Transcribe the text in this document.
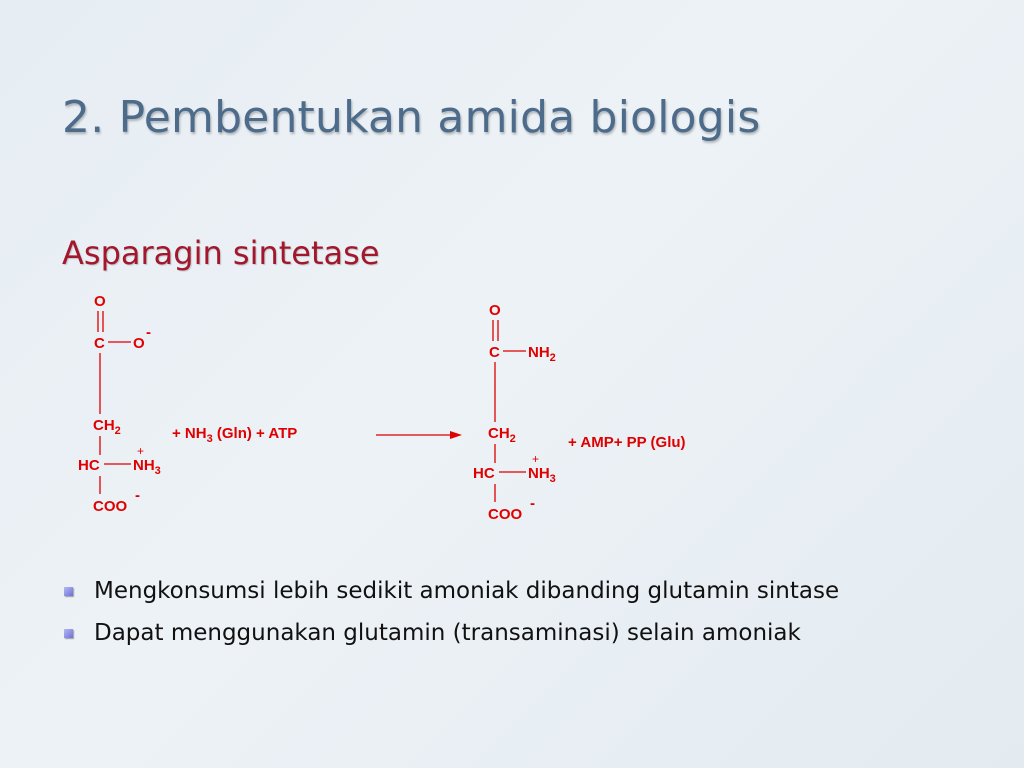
2. Pembentukan amida biologis
Asparagin sintetase
O
C O
-
$CH_2$
HC
+
$NH_3$
COO
-
+ $NH_3$ (Gln) + ATP
O
C $NH_2$
$CH_2$
HC
+
$NH_3$
COO
-
+ AMP+ PP (Glu)
Mengkonsumsi lebih sedikit amoniak dibanding glutamin sintase
Dapat menggunakan glutamin (transaminasi) selain amoniak
